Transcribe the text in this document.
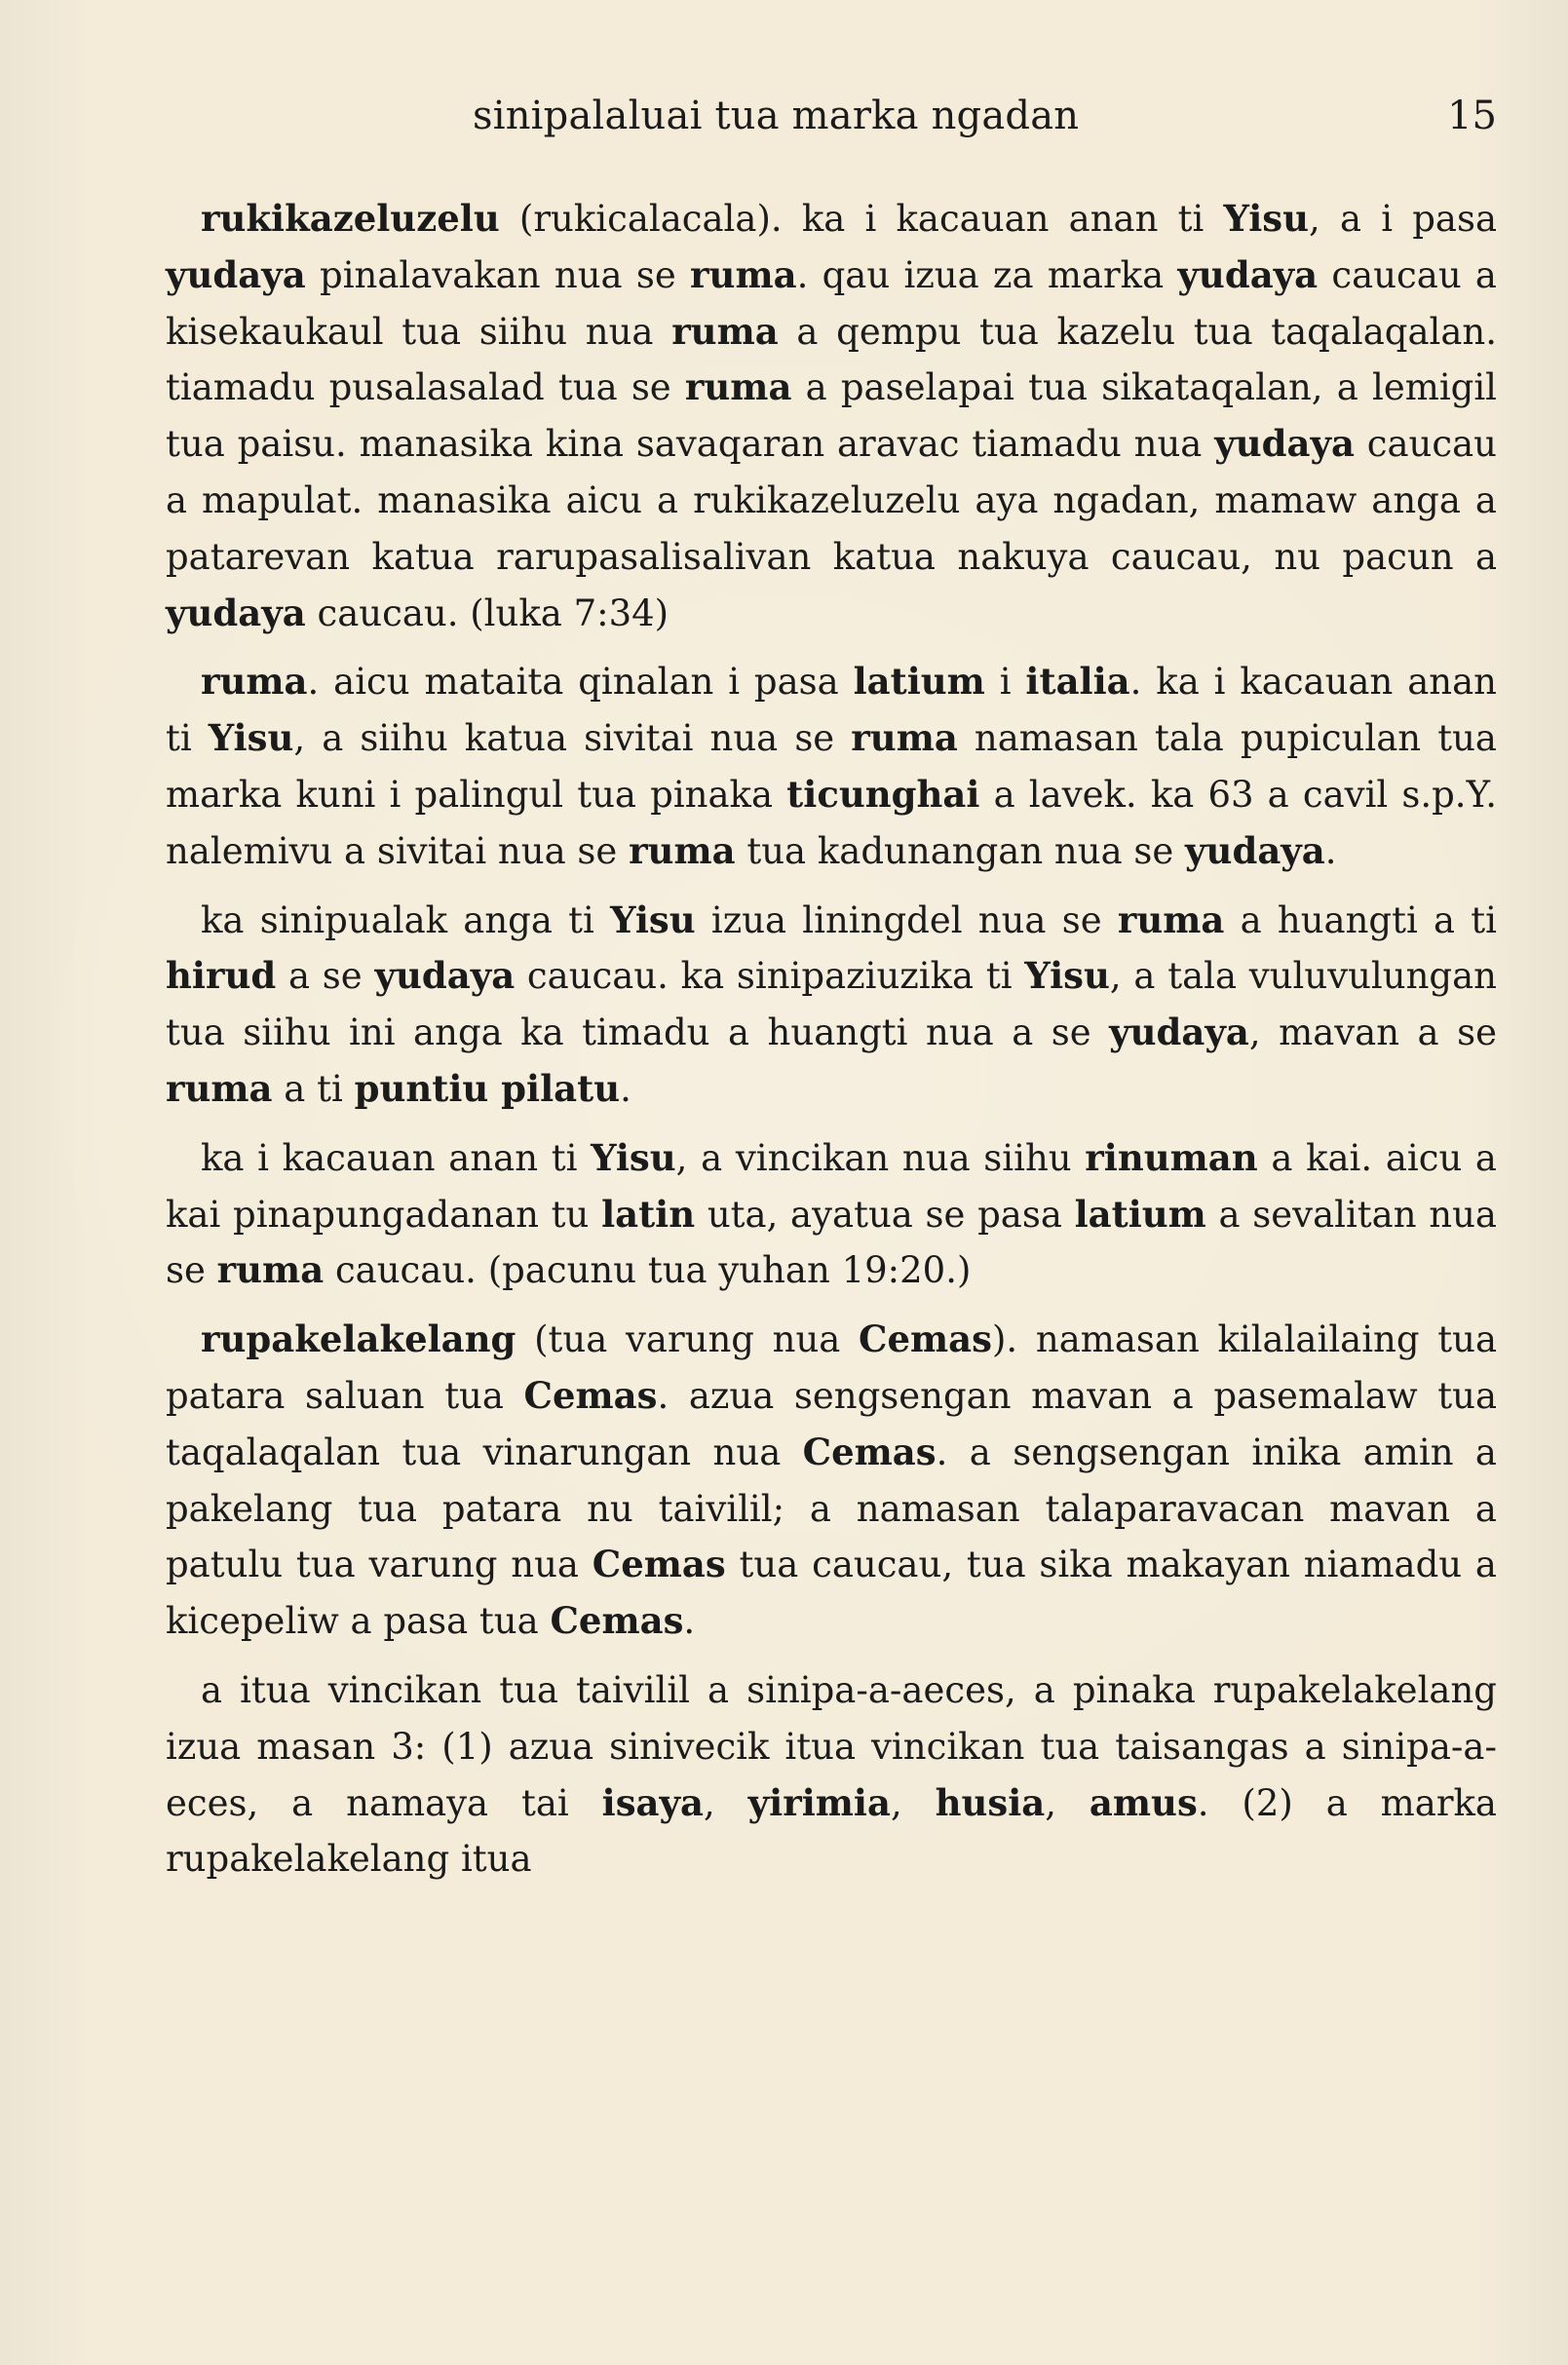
sinipalaluai tua marka ngadan	15

rukikazeluzelu (rukicalacala). ka i kacauan anan ti Yisu, a i pasa yudaya pinalavakan nua se ruma. qau izua za marka yudaya caucau a kisekaukaul tua siihu nua ruma a qempu tua kazelu tua taqalaqalan. tiamadu pusalasalad tua se ruma a paselapai tua sikataqalan, a lemigil tua paisu. manasika kina savaqaran aravac tiamadu nua yudaya caucau a mapulat. manasika aicu a rukikazeluzelu aya ngadan, mamaw anga a patarevan katua rarupasalisalivan katua nakuya caucau, nu pacun a yudaya caucau. (luka 7:34)

ruma. aicu mataita qinalan i pasa latium i italia. ka i kacauan anan ti Yisu, a siihu katua sivitai nua se ruma namasan tala pupiculan tua marka kuni i palingul tua pinaka ticunghai a lavek. ka 63 a cavil s.p.Y. nalemivu a sivitai nua se ruma tua kadunangan nua se yudaya.

ka sinipualak anga ti Yisu izua liningdel nua se ruma a huangti a ti hirud a se yudaya caucau. ka sinipaziuzika ti Yisu, a tala vuluvulungan tua siihu ini anga ka timadu a huangti nua a se yudaya, mavan a se ruma a ti puntiu pilatu.

ka i kacauan anan ti Yisu, a vincikan nua siihu rinuman a kai. aicu a kai pinapungadanan tu latin uta, ayatua se pasa latium a sevalitan nua se ruma caucau. (pacunu tua yuhan 19:20.)

rupakelakelang (tua varung nua Cemas). namasan kilalailaing tua patara saluan tua Cemas. azua sengsengan mavan a pasemalaw tua taqalaqalan tua vinarungan nua Cemas. a sengsengan inika amin a pakelang tua patara nu taivilil; a namasan talaparavacan mavan a patulu tua varung nua Cemas tua caucau, tua sika makayan niamadu a kicepeliw a pasa tua Cemas.

a itua vincikan tua taivilil a sinipa-a-aeces, a pinaka rupakelakelang izua masan 3: (1) azua sinivecik itua vincikan tua taisangas a sinipa-a-eces, a namaya tai isaya, yirimia, husia, amus. (2) a marka rupakelakelang itua
